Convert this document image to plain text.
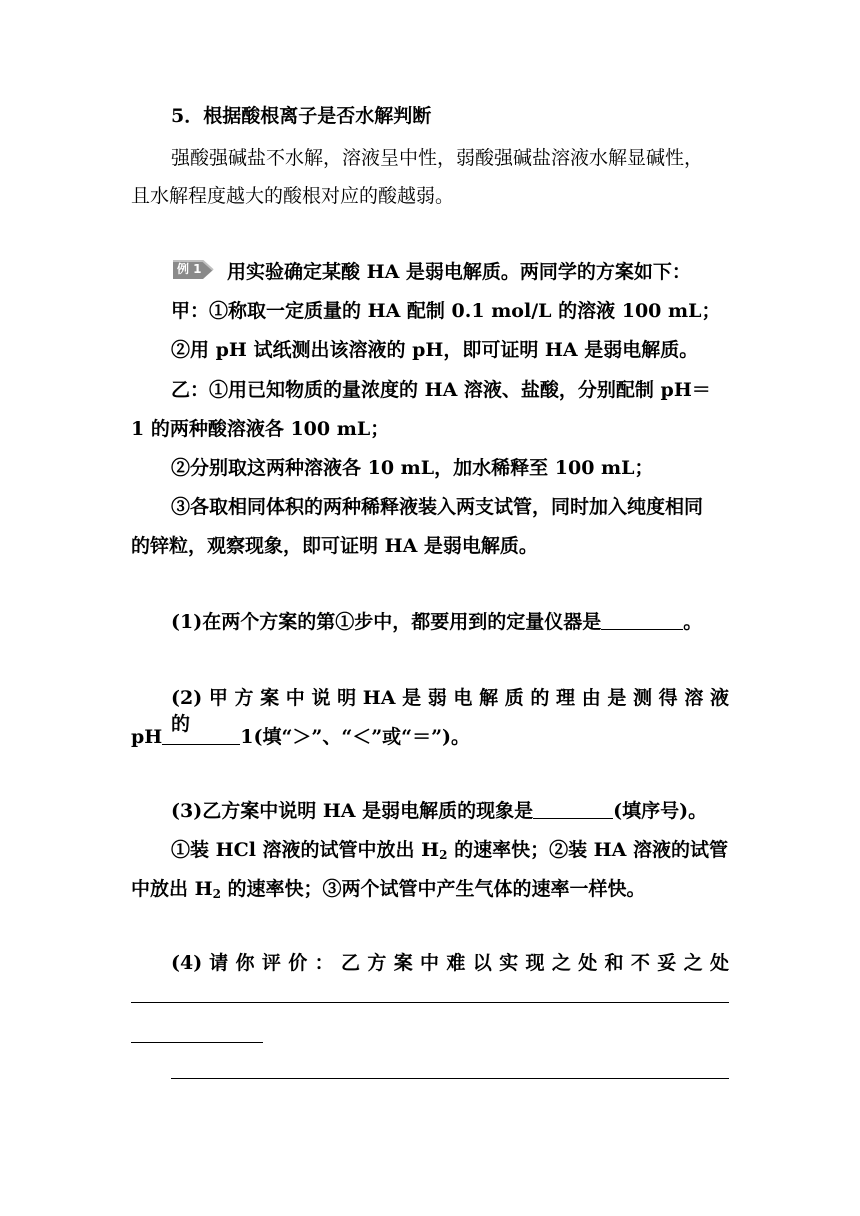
5．根据酸根离子是否水解判断
强酸强碱盐不水解，溶液呈中性，弱酸强碱盐溶液水解显碱性，
且水解程度越大的酸根对应的酸越弱。
例 1 用实验确定某酸 HA 是弱电解质。两同学的方案如下：
甲：①称取一定质量的 HA 配制 0.1 mol/L 的溶液 100 mL；
②用 pH 试纸测出该溶液的 pH，即可证明 HA 是弱电解质。
乙：①用已知物质的量浓度的 HA 溶液、盐酸，分别配制 pH＝
1 的两种酸溶液各 100 mL；
②分别取这两种溶液各 10 mL，加水稀释至 100 mL；
③各取相同体积的两种稀释液装入两支试管，同时加入纯度相同
的锌粒，观察现象，即可证明 HA 是弱电解质。
(1)在两个方案的第①步中，都要用到的定量仪器是	。
(2) 甲 方 案 中 说 明 HA 是 弱 电 解 质 的 理 由 是 测 得 溶 液 的
pH	1(填“＞”、“＜”或“＝”)。
(3)乙方案中说明 HA 是弱电解质的现象是	(填序号)。
①装 HCl 溶液的试管中放出 $H_2$ 的速率快；②装 HA 溶液的试管
中放出 $H_2$ 的速率快；③两个试管中产生气体的速率一样快。
(4) 请 你 评 价 ： 乙 方 案 中 难 以 实 现 之 处 和 不 妥 之 处
